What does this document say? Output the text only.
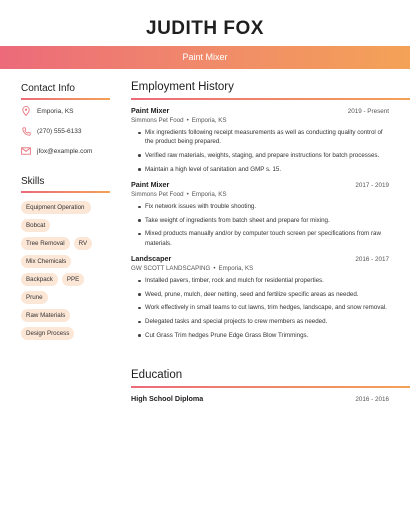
JUDITH FOX
Paint Mixer
Contact Info
Emporia, KS
(270) 555-6133
jfox@example.com
Skills
Equipment Operation Bobcat
Tree Removal RV
Mix Chemicals
Backpack PPE
Prune
Raw Materials
Design Process
Employment History
Paint Mixer	2019 - Present
Simmons Pet Food • Emporia, KS
Mix ingredients following receipt measurements as well as conducting quality control of the product being prepared.
Verified raw materials, weights, staging, and prepare instructions for batch processes.
Maintain a high level of sanitation and GMP s. 15.
Paint Mixer	2017 - 2019
Simmons Pet Food • Emporia, KS
Fix network issues with trouble shooting.
Take weight of ingredients from batch sheet and prepare for mixing.
Mixed products manually and/or by computer touch screen per specifications from raw materials.
Landscaper	2016 - 2017
GW SCOTT LANDSCAPING • Emporia, KS
Installed pavers, timber, rock and mulch for residential properties.
Weed, prune, mulch, deer netting, seed and fertilize specific areas as needed.
Work effectively in small teams to cut lawns, trim hedges, landscape, and snow removal.
Delegated tasks and special projects to crew members as needed.
Cut Grass Trim hedges Prune Edge Grass Blow Trimmings.
Education
High School Diploma	2016 - 2016
